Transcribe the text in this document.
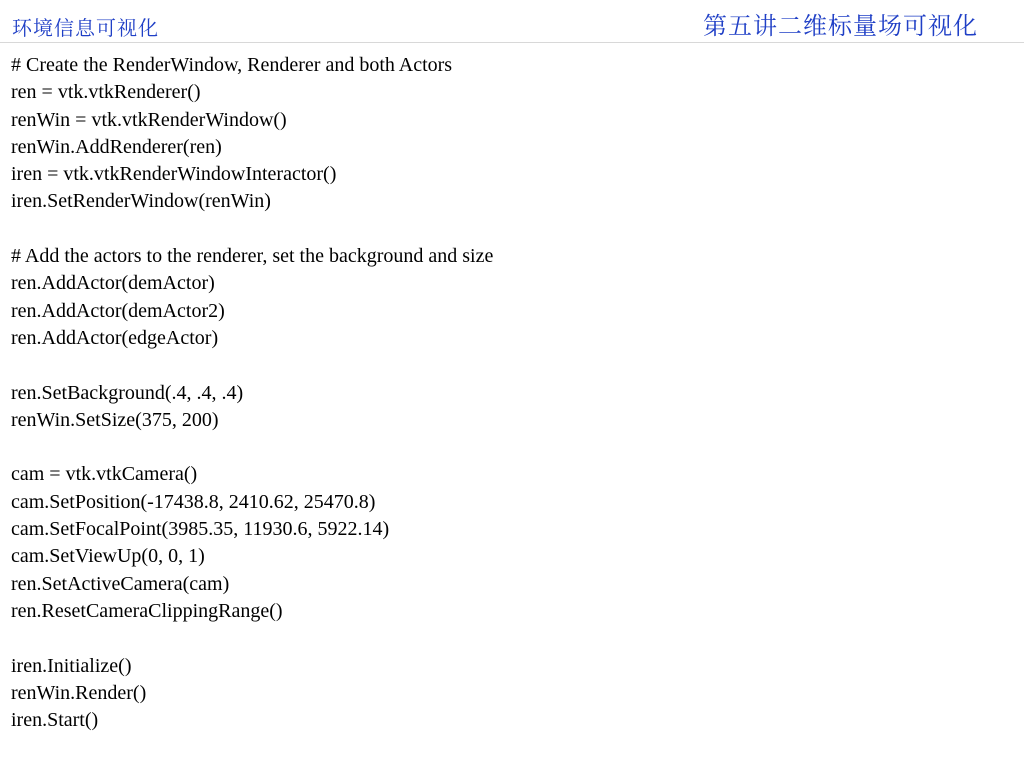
环境信息可视化	第五讲二维标量场可视化
# Create the RenderWindow, Renderer and both Actors
ren = vtk.vtkRenderer()
renWin = vtk.vtkRenderWindow()
renWin.AddRenderer(ren)
iren = vtk.vtkRenderWindowInteractor()
iren.SetRenderWindow(renWin)
# Add the actors to the renderer, set the background and size
ren.AddActor(demActor)
ren.AddActor(demActor2)
ren.AddActor(edgeActor)
ren.SetBackground(.4, .4, .4)
renWin.SetSize(375, 200)
cam = vtk.vtkCamera()
cam.SetPosition(-17438.8, 2410.62, 25470.8)
cam.SetFocalPoint(3985.35, 11930.6, 5922.14)
cam.SetViewUp(0, 0, 1)
ren.SetActiveCamera(cam)
ren.ResetCameraClippingRange()
iren.Initialize()
renWin.Render()
iren.Start()
